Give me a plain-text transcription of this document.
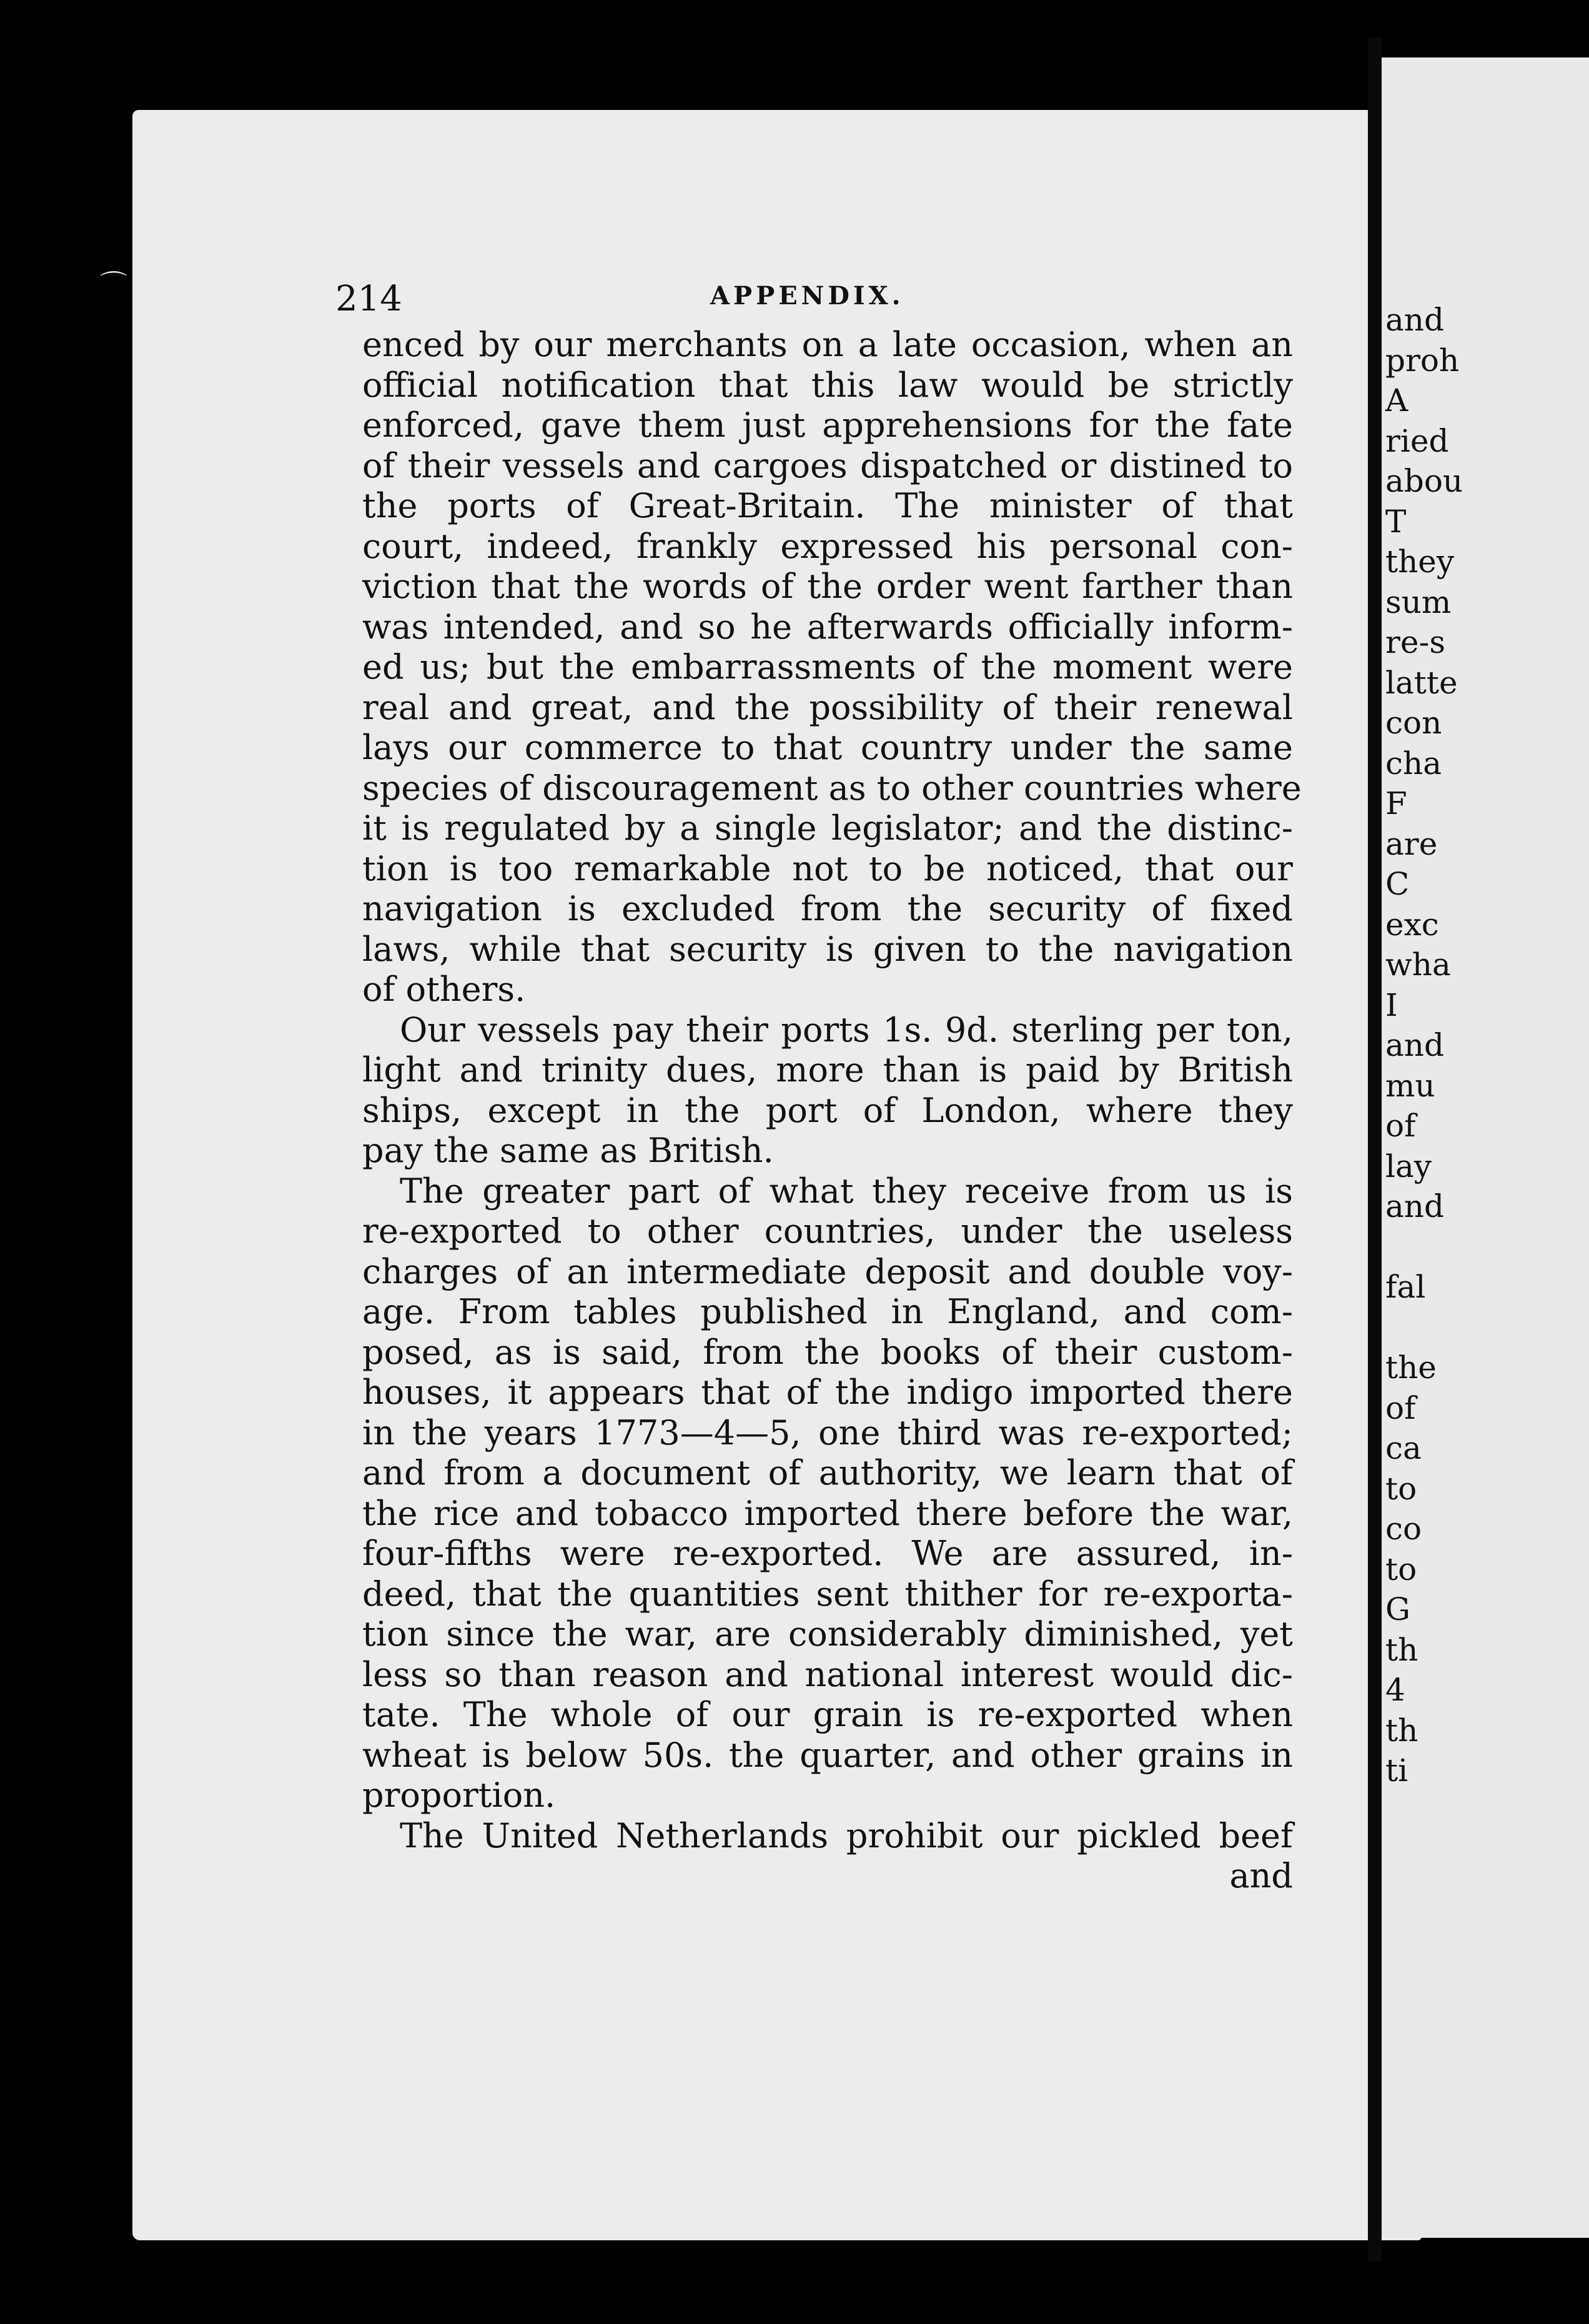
⌒	214	APPENDIX.
enced by our merchants on a late occasion, when an
official notification that this law would be strictly
enforced, gave them just apprehensions for the fate
of their vessels and cargoes dispatched or distined to
the ports of Great-Britain. The minister of that
court, indeed, frankly expressed his personal con-
viction that the words of the order went farther than
was intended, and so he afterwards officially inform-
ed us; but the embarrassments of the moment were
real and great, and the possibility of their renewal
lays our commerce to that country under the same
species of discouragement as to other countries where
it is regulated by a single legislator; and the distinc-
tion is too remarkable not to be noticed, that our
navigation is excluded from the security of fixed
laws, while that security is given to the navigation
of others.
Our vessels pay their ports 1s. 9d. sterling per ton,
light and trinity dues, more than is paid by British
ships, except in the port of London, where they
pay the same as British.
The greater part of what they receive from us is
re-exported to other countries, under the useless
charges of an intermediate deposit and double voy-
age. From tables published in England, and com-
posed, as is said, from the books of their custom-
houses, it appears that of the indigo imported there
in the years 1773—4—5, one third was re-exported;
and from a document of authority, we learn that of
the rice and tobacco imported there before the war,
four-fifths were re-exported. We are assured, in-
deed, that the quantities sent thither for re-exporta-
tion since the war, are considerably diminished, yet
less so than reason and national interest would dic-
tate. The whole of our grain is re-exported when
wheat is below 50s. the quarter, and other grains in
proportion.
The United Netherlands prohibit our pickled beef
and
and
proh
A
ried
abou
T
they
sum
re-s
latte
con
cha
F
are
C
exc
wha
I
and
mu
of
lay
and
fal
the
of
ca
to
co
to
G
th
4
th
ti
